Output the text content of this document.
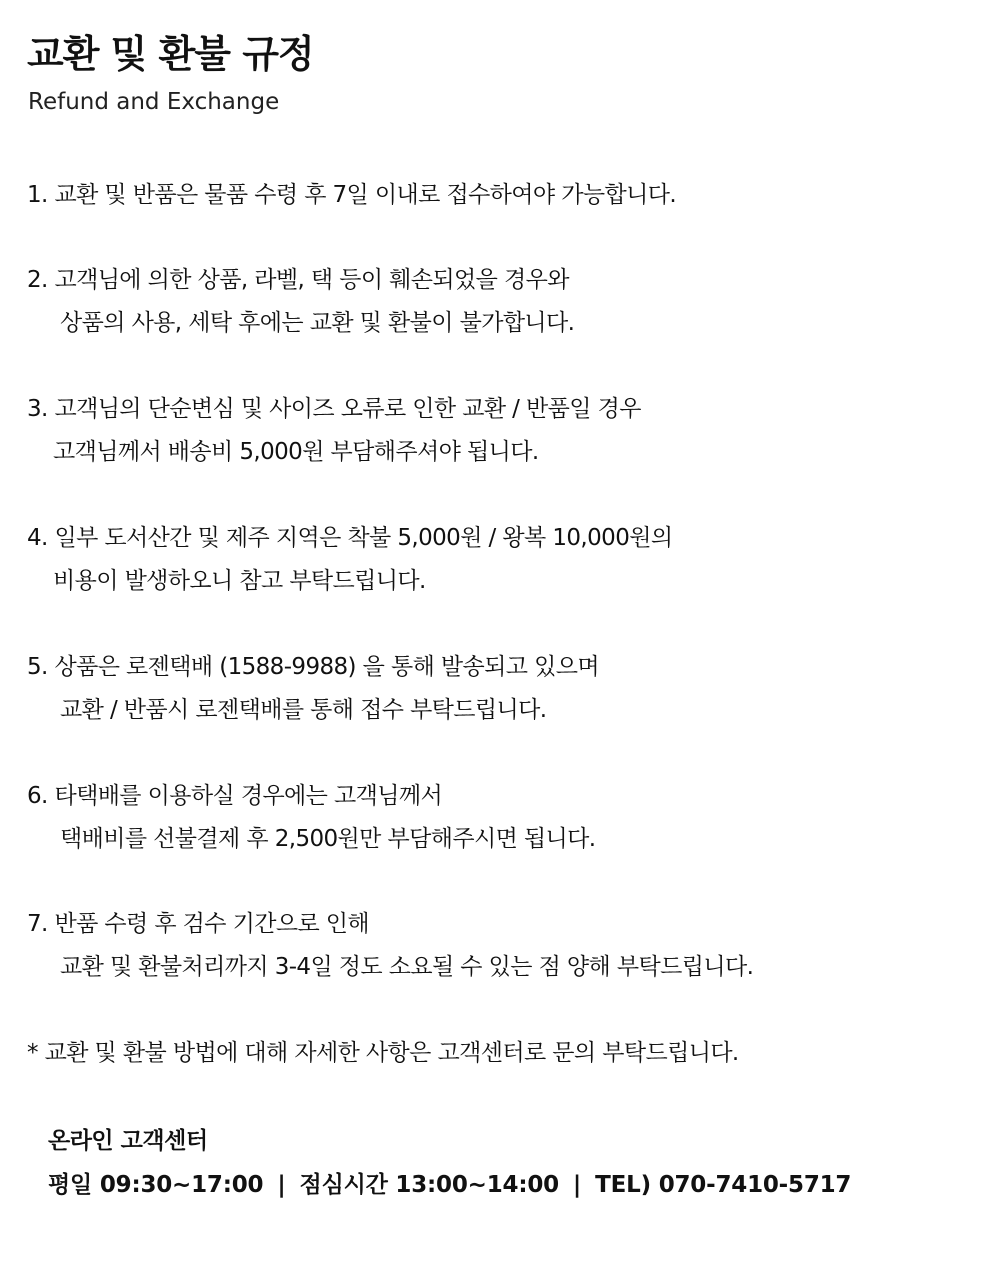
교환 및 환불 규정

Refund and Exchange

1. 교환 및 반품은 물품 수령 후 7일 이내로 접수하여야 가능합니다.
2. 고객님에 의한 상품, 라벨, 택 등이 훼손되었을 경우와
상품의 사용, 세탁 후에는 교환 및 환불이 불가합니다.
3. 고객님의 단순변심 및 사이즈 오류로 인한 교환 / 반품일 경우
고객님께서 배송비 5,000원 부담해주셔야 됩니다.
4. 일부 도서산간 및 제주 지역은 착불 5,000원 / 왕복 10,000원의
비용이 발생하오니 참고 부탁드립니다.
5. 상품은 로젠택배 (1588-9988) 을 통해 발송되고 있으며
교환 / 반품시 로젠택배를 통해 접수 부탁드립니다.
6. 타택배를 이용하실 경우에는 고객님께서
택배비를 선불결제 후 2,500원만 부담해주시면 됩니다.
7. 반품 수령 후 검수 기간으로 인해
교환 및 환불처리까지 3-4일 정도 소요될 수 있는 점 양해 부탁드립니다.
* 교환 및 환불 방법에 대해 자세한 사항은 고객센터로 문의 부탁드립니다.
온라인 고객센터
평일 09:30~17:00 | 점심시간 13:00~14:00 | TEL) 070-7410-5717
